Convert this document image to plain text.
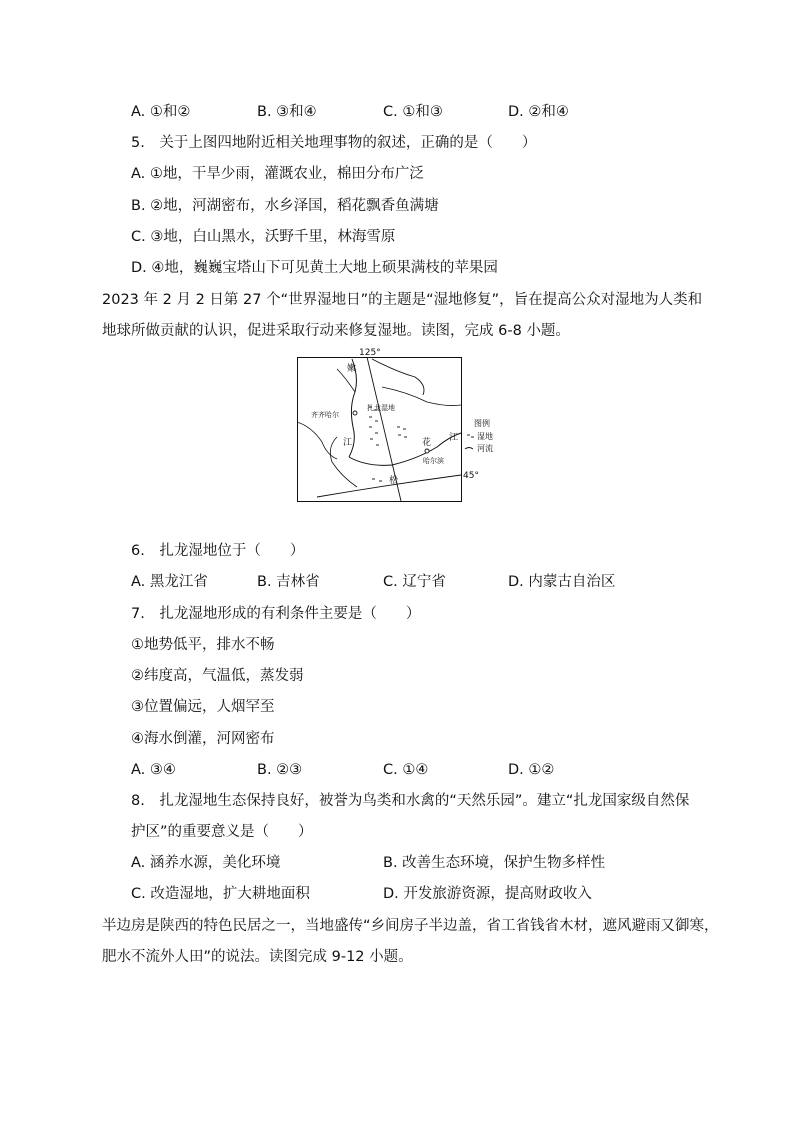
A. ①和②	B. ③和④	C. ①和③	D. ②和④
5.　关于上图四地附近相关地理事物的叙述，正确的是（　　）
A. ①地，干旱少雨，灌溉农业，棉田分布广泛
B. ②地，河湖密布，水乡泽国，稻花飘香鱼满塘
C. ③地，白山黑水，沃野千里，林海雪原
D. ④地，巍巍宝塔山下可见黄土大地上硕果满枝的苹果园
2023 年 2 月 2 日第 27 个“世界湿地日”的主题是“湿地修复”，旨在提高公众对湿地为人类和
地球所做贡献的认识，促进采取行动来修复湿地。读图，完成 6-8 小题。
125°
45°
齐齐哈尔
哈尔滨
扎龙湿地
嫩
江
松
花 江
图例
湿地
河流
6.　扎龙湿地位于（　　）
A. 黑龙江省	B. 吉林省	C. 辽宁省	D. 内蒙古自治区
7.　扎龙湿地形成的有利条件主要是（　　）
①地势低平，排水不畅
②纬度高，气温低，蒸发弱
③位置偏远，人烟罕至
④海水倒灌，河网密布
A. ③④	B. ②③	C. ①④	D. ①②
8.　扎龙湿地生态保持良好，被誉为鸟类和水禽的“天然乐园”。建立“扎龙国家级自然保
护区”的重要意义是（　　）
A. 涵养水源，美化环境	B. 改善生态环境，保护生物多样性
C. 改造湿地，扩大耕地面积	D. 开发旅游资源，提高财政收入
半边房是陕西的特色民居之一，当地盛传“乡间房子半边盖，省工省钱省木材，遮风避雨又御寒，
肥水不流外人田”的说法。读图完成 9-12 小题。
